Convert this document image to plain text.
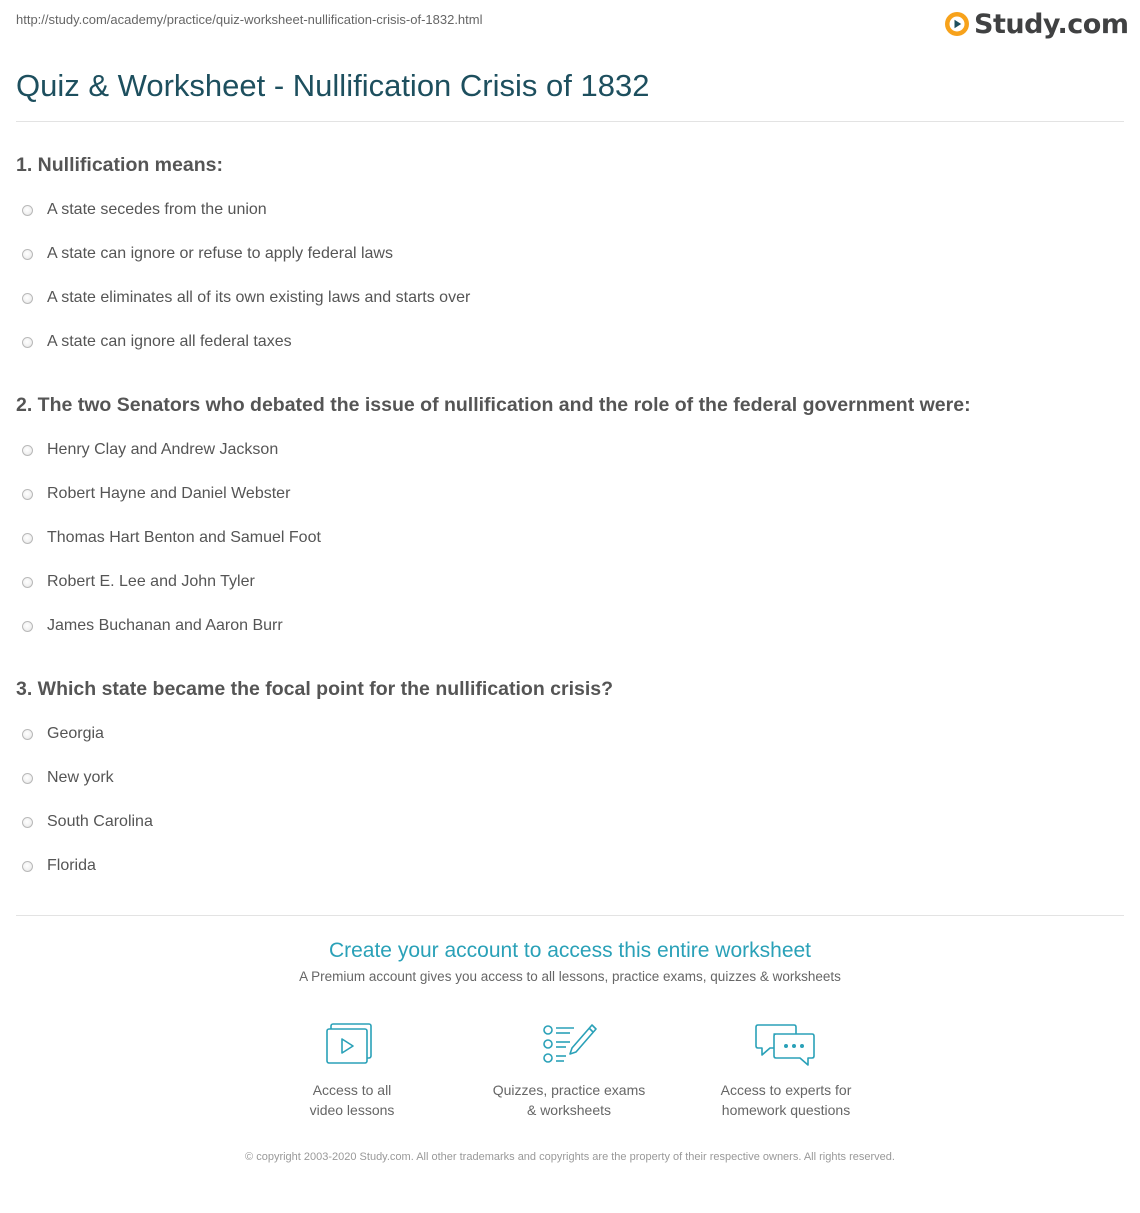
http://study.com/academy/practice/quiz-worksheet-nullification-crisis-of-1832.html	Study.com
Quiz & Worksheet - Nullification Crisis of 1832
1. Nullification means:
A state secedes from the union
A state can ignore or refuse to apply federal laws
A state eliminates all of its own existing laws and starts over
A state can ignore all federal taxes
2. The two Senators who debated the issue of nullification and the role of the federal government were:
Henry Clay and Andrew Jackson
Robert Hayne and Daniel Webster
Thomas Hart Benton and Samuel Foot
Robert E. Lee and John Tyler
James Buchanan and Aaron Burr
3. Which state became the focal point for the nullification crisis?
Georgia
New york
South Carolina
Florida
Create your account to access this entire worksheet
A Premium account gives you access to all lessons, practice exams, quizzes & worksheets
Access to all
video lessons
Quizzes, practice exams
& worksheets
Access to experts for
homework questions
© copyright 2003-2020 Study.com. All other trademarks and copyrights are the property of their respective owners. All rights reserved.
